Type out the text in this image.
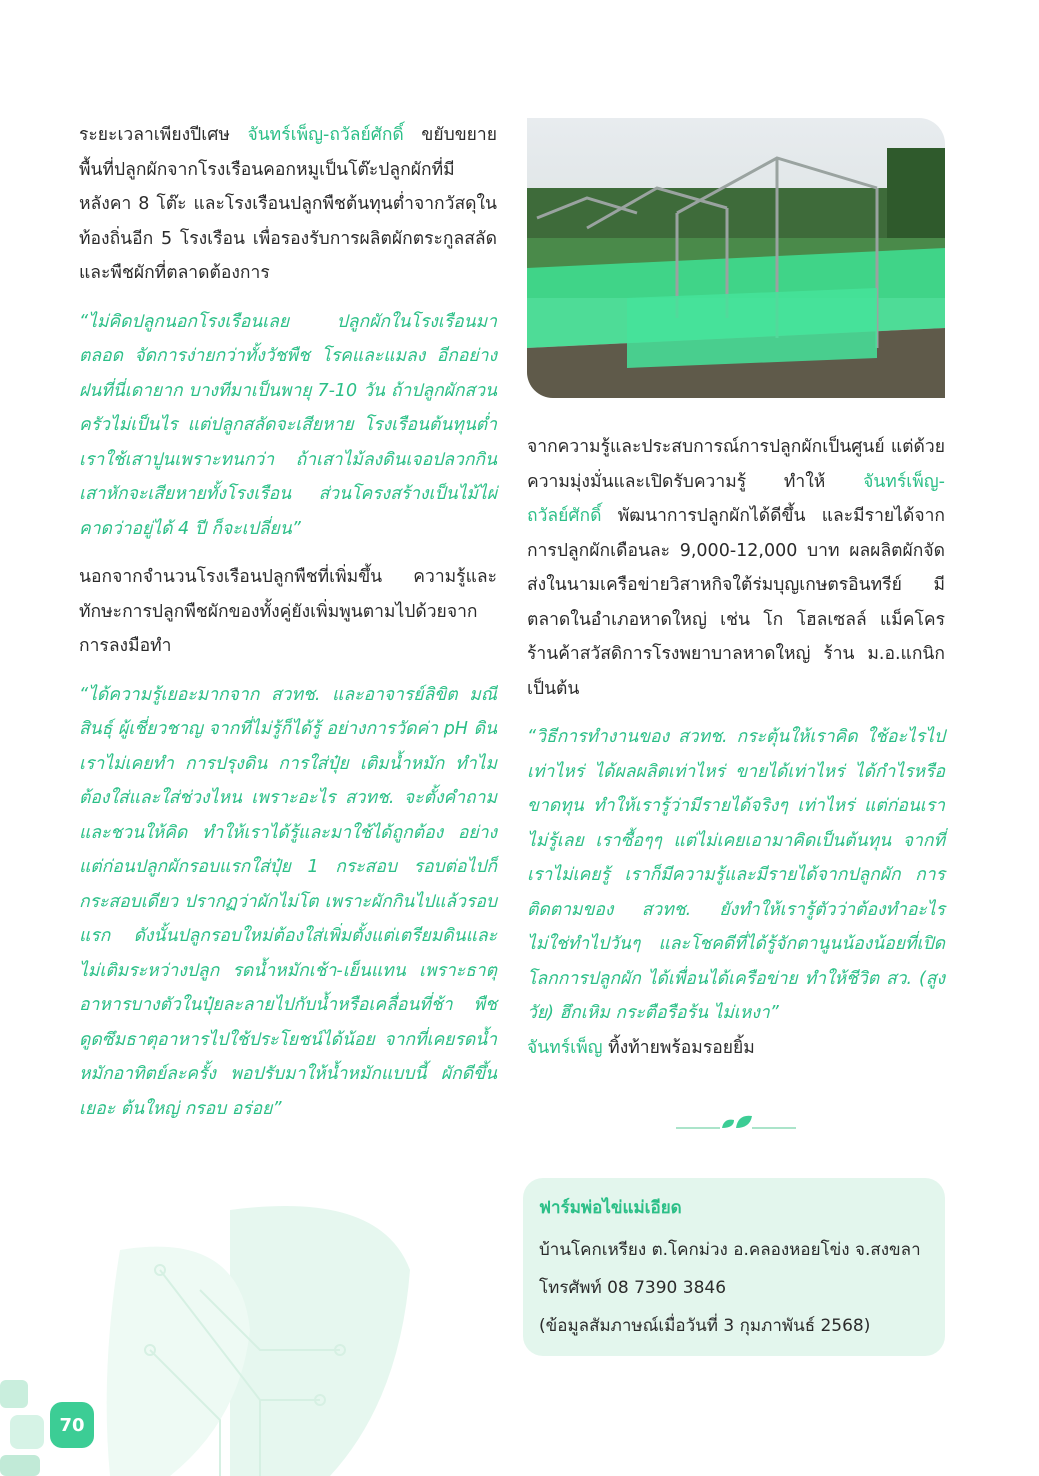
ระยะเวลาเพียงปีเศษ จันทร์เพ็ญ-ถวัลย์ศักดิ์ ขยับขยายพื้นที่ปลูกผักจากโรงเรือนคอกหมูเป็นโต๊ะปลูกผักที่มีหลังคา 8 โต๊ะ และโรงเรือนปลูกพืชต้นทุนต่ำจากวัสดุในท้องถิ่นอีก 5 โรงเรือน เพื่อรองรับการผลิตผักตระกูลสลัดและพืชผักที่ตลาดต้องการ

“ไม่คิดปลูกนอกโรงเรือนเลย ปลูกผักในโรงเรือนมาตลอด จัดการง่ายกว่าทั้งวัชพืช โรคและแมลง อีกอย่างฝนที่นี่เดายาก บางทีมาเป็นพายุ 7-10 วัน ถ้าปลูกผักสวนครัวไม่เป็นไร แต่ปลูกสลัดจะเสียหาย โรงเรือนต้นทุนต่ำ เราใช้เสาปูนเพราะทนกว่า ถ้าเสาไม้ลงดินเจอปลวกกิน เสาหักจะเสียหายทั้งโรงเรือน ส่วนโครงสร้างเป็นไม้ไผ่คาดว่าอยู่ได้ 4 ปี ก็จะเปลี่ยน”

นอกจากจำนวนโรงเรือนปลูกพืชที่เพิ่มขึ้น ความรู้และทักษะการปลูกพืชผักของทั้งคู่ยังเพิ่มพูนตามไปด้วยจากการลงมือทำ

“ได้ความรู้เยอะมากจาก สวทช. และอาจารย์ลิขิต มณีสินธุ์ ผู้เชี่ยวชาญ จากที่ไม่รู้ก็ได้รู้ อย่างการวัดค่า pH ดิน เราไม่เคยทำ การปรุงดิน การใส่ปุ๋ย เติมน้ำหมัก ทำไมต้องใส่และใส่ช่วงไหน เพราะอะไร สวทช. จะตั้งคำถามและชวนให้คิด ทำให้เราได้รู้และมาใช้ได้ถูกต้อง อย่างแต่ก่อนปลูกผักรอบแรกใส่ปุ๋ย 1 กระสอบ รอบต่อไปก็กระสอบเดียว ปรากฏว่าผักไม่โต เพราะผักกินไปแล้วรอบแรก ดังนั้นปลูกรอบใหม่ต้องใส่เพิ่มตั้งแต่เตรียมดินและไม่เติมระหว่างปลูก รดน้ำหมักเช้า-เย็นแทน เพราะธาตุอาหารบางตัวในปุ๋ยละลายไปกับน้ำหรือเคลื่อนที่ช้า พืชดูดซึมธาตุอาหารไปใช้ประโยชน์ได้น้อย จากที่เคยรดน้ำหมักอาทิตย์ละครั้ง พอปรับมาให้น้ำหมักแบบนี้ ผักดีขึ้นเยอะ ต้นใหญ่ กรอบ อร่อย”

จากความรู้และประสบการณ์การปลูกผักเป็นศูนย์ แต่ด้วยความมุ่งมั่นและเปิดรับความรู้ ทำให้ จันทร์เพ็ญ-ถวัลย์ศักดิ์ พัฒนาการปลูกผักได้ดีขึ้น และมีรายได้จากการปลูกผักเดือนละ 9,000-12,000 บาท ผลผลิตผักจัดส่งในนามเครือข่ายวิสาหกิจใต้ร่มบุญเกษตรอินทรีย์ มีตลาดในอำเภอหาดใหญ่ เช่น โก โฮลเซลล์ แม็คโคร ร้านค้าสวัสดิการโรงพยาบาลหาดใหญ่ ร้าน ม.อ.แกนิก เป็นต้น

“วิธีการทำงานของ สวทช. กระตุ้นให้เราคิด ใช้อะไรไปเท่าไหร่ ได้ผลผลิตเท่าไหร่ ขายได้เท่าไหร่ ได้กำไรหรือขาดทุน ทำให้เรารู้ว่ามีรายได้จริงๆ เท่าไหร่ แต่ก่อนเราไม่รู้เลย เราซื้อๆๆ แต่ไม่เคยเอามาคิดเป็นต้นทุน จากที่เราไม่เคยรู้ เราก็มีความรู้และมีรายได้จากปลูกผัก การติดตามของ สวทช. ยังทำให้เรารู้ตัวว่าต้องทำอะไร ไม่ใช่ทำไปวันๆ และโชคดีที่ได้รู้จักตานูนน้องน้อยที่เปิดโลกการปลูกผัก ได้เพื่อนได้เครือข่าย ทำให้ชีวิต สว. (สูงวัย) ฮึกเหิม กระตือรือร้น ไม่เหงา”

จันทร์เพ็ญ ทิ้งท้ายพร้อมรอยยิ้ม

ฟาร์มพ่อไข่แม่เอียด
บ้านโคกเหรียง ต.โคกม่วง อ.คลองหอยโข่ง จ.สงขลา
โทรศัพท์ 08 7390 3846
(ข้อมูลสัมภาษณ์เมื่อวันที่ 3 กุมภาพันธ์ 2568)
70
